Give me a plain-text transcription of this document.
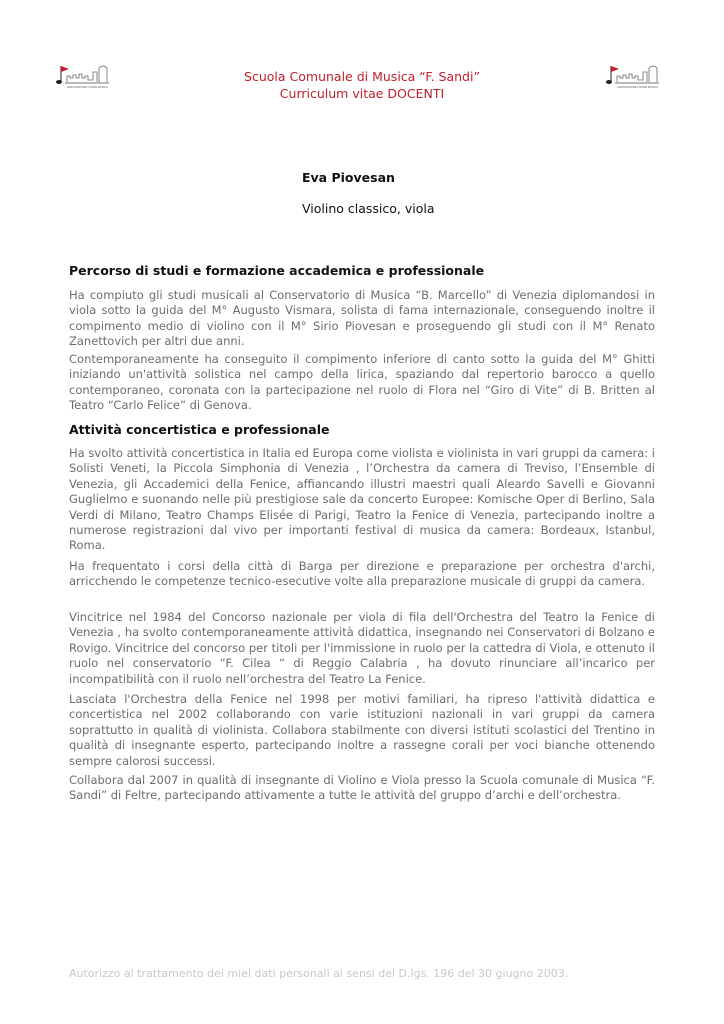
ASSOCIAZIONE TOLTRE MUSICA	ASSOCIAZIONE TOLTRE MUSICA
Scuola Comunale di Musica “F. Sandi”
Curriculum vitae DOCENTI
Eva Piovesan
Violino classico, viola
Percorso di studi e formazione accademica e professionale

Ha compiuto gli studi musicali al Conservatorio di Musica “B. Marcello” di Venezia diplomandosi in viola sotto la guida del M° Augusto Vismara, solista di fama internazionale, conseguendo inoltre il compimento medio di violino con il M° Sirio Piovesan e proseguendo gli studi con il M° Renato Zanettovich per altri due anni.

Contemporaneamente ha conseguito il compimento inferiore di canto sotto la guida del M° Ghitti iniziando un'attività solistica nel campo della lirica, spaziando dal repertorio barocco a quello contemporaneo, coronata con la partecipazione nel ruolo di Flora nel “Giro di Vite” di B. Britten al Teatro “Carlo Felice” di Genova.

Attività concertistica e professionale

Ha svolto attività concertistica in Italia ed Europa come violista e violinista in vari gruppi da camera: i Solisti Veneti, la Piccola Simphonia di Venezia , l’Orchestra da camera di Treviso, l’Ensemble di Venezia, gli Accademici della Fenice, affiancando illustri maestri quali Aleardo Savelli e Giovanni Guglielmo e suonando nelle più prestigiose sale da concerto Europee: Komische Oper di Berlino, Sala Verdi di Milano, Teatro Champs Elisée di Parigi, Teatro la Fenice di Venezia, partecipando inoltre a numerose registrazioni dal vivo per importanti festival di musica da camera: Bordeaux, Istanbul, Roma.

Ha frequentato i corsi della città di Barga per direzione e preparazione per orchestra d'archi, arricchendo le competenze tecnico-esecutive volte alla preparazione musicale di gruppi da camera.

Vincitrice nel 1984 del Concorso nazionale per viola di fila dell'Orchestra del Teatro la Fenice di Venezia , ha svolto contemporaneamente attività didattica, insegnando nei Conservatori di Bolzano e Rovigo. Vincitrice del concorso per titoli per l'immissione in ruolo per la cattedra di Viola, e ottenuto il ruolo nel conservatorio “F. Cilea “ di Reggio Calabria , ha dovuto rinunciare all’incarico per incompatibilità con il ruolo nell’orchestra del Teatro La Fenice.

Lasciata l'Orchestra della Fenice nel 1998 per motivi familiari, ha ripreso l'attività didattica e concertistica nel 2002 collaborando con varie istituzioni nazionali in vari gruppi da camera soprattutto in qualità di violinista. Collabora stabilmente con diversi istituti scolastici del Trentino in qualità di insegnante esperto, partecipando inoltre a rassegne corali per voci bianche ottenendo sempre calorosi successi.

Collabora dal 2007 in qualità di insegnante di Violino e Viola presso la Scuola comunale di Musica “F. Sandi” di Feltre, partecipando attivamente a tutte le attività del gruppo d’archi e dell’orchestra.

Autorizzo al trattamento dei miei dati personali ai sensi del D.lgs. 196 del 30 giugno 2003.
